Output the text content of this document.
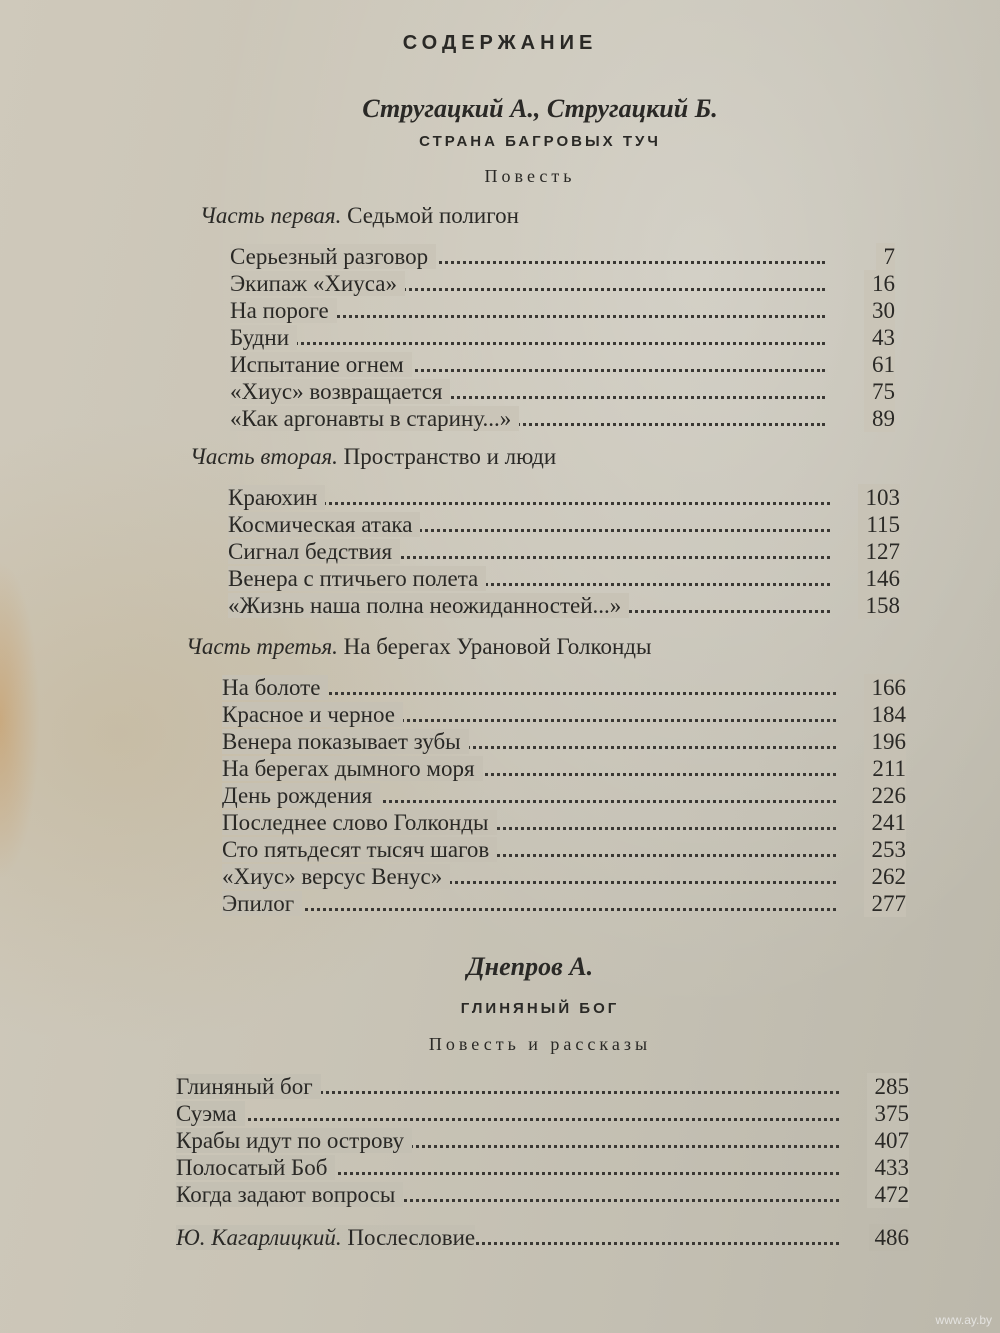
СОДЕРЖАНИЕ
Стругацкий А., Стругацкий Б.
СТРАНА БАГРОВЫХ ТУЧ
Повесть
Часть первая. Седьмой полигон
Серьезный разговор	7
Экипаж «Хиуса»	16
На пороге	30
Будни	43
Испытание огнем	61
«Хиус» возвращается	75
«Как аргонавты в старину...»	89
Часть вторая. Пространство и люди
Краюхин	103
Космическая атака	115
Сигнал бедствия	127
Венера с птичьего полета	146
«Жизнь наша полна неожиданностей...»	158
Часть третья. На берегах Урановой Голконды
На болоте	166
Красное и черное	184
Венера показывает зубы	196
На берегах дымного моря	211
День рождения	226
Последнее слово Голконды	241
Сто пятьдесят тысяч шагов	253
«Хиус» версус Венус»	262
Эпилог	277
Днепров А.
ГЛИНЯНЫЙ БОГ
Повесть и рассказы
Глиняный бог	285
Суэма	375
Крабы идут по острову	407
Полосатый Боб	433
Когда задают вопросы	472
Ю. Кагарлицкий. Послесловие	486
www.ay.by
